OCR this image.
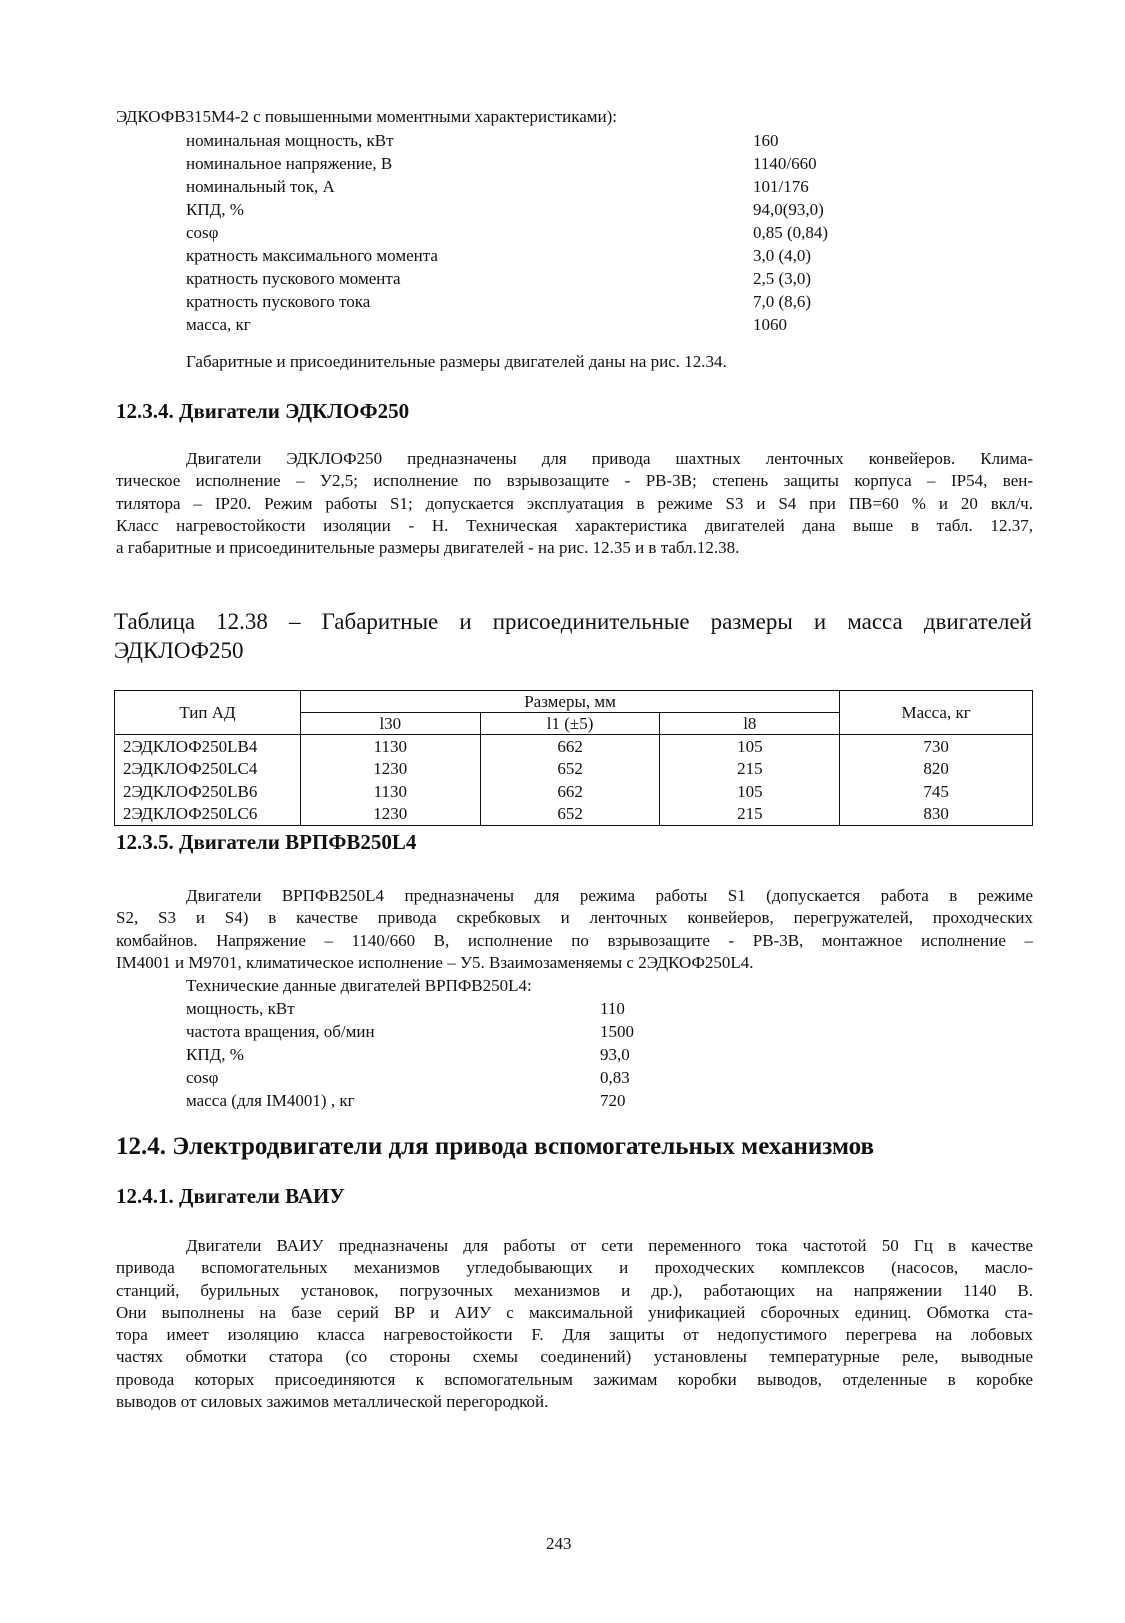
ЭДКОФВ315М4-2 с повышенными моментными характеристиками):
номинальная мощность, кВт	160
номинальное напряжение, В	1140/660
номинальный ток, А	101/176
КПД, %	94,0(93,0)
cosφ	0,85 (0,84)
кратность максимального момента	3,0 (4,0)
кратность пускового момента	2,5 (3,0)
кратность пускового тока	7,0 (8,6)
масса, кг	1060
Габаритные и присоединительные размеры двигателей даны на рис. 12.34.
12.3.4. Двигатели ЭДКЛОФ250
Двигатели ЭДКЛОФ250 предназначены для привода шахтных ленточных конвейеров. Клима-
тическое исполнение – У2,5; исполнение по взрывозащите - РВ-3В; степень защиты корпуса – IP54, вен-
тилятора – IP20. Режим работы S1; допускается эксплуатация в режиме S3 и S4 при ПВ=60 % и 20 вкл/ч.
Класс нагревостойкости изоляции - Н. Техническая характеристика двигателей дана выше в табл. 12.37,
а габаритные и присоединительные размеры двигателей - на рис. 12.35 и в табл.12.38.
Таблица 12.38 – Габаритные и присоединительные размеры и масса двигателей
ЭДКЛОФ250
Тип АД	Размеры, мм			Масса, кг
	l30	l1 (±5)	l8	
2ЭДКЛОФ250LB4	1130	662	105	730
2ЭДКЛОФ250LC4	1230	652	215	820
2ЭДКЛОФ250LB6	1130	662	105	745
2ЭДКЛОФ250LC6	1230	652	215	830
12.3.5. Двигатели ВРПФВ250L4
Двигатели ВРПФВ250L4 предназначены для режима работы S1 (допускается работа в режиме
S2, S3 и S4) в качестве привода скребковых и ленточных конвейеров, перегружателей, проходческих
комбайнов. Напряжение – 1140/660 В, исполнение по взрывозащите - РВ-3В, монтажное исполнение –
IM4001 и М9701, климатическое исполнение – У5. Взаимозаменяемы с 2ЭДКОФ250L4.
Технические данные двигателей ВРПФВ250L4:
мощность, кВт	110
частота вращения, об/мин	1500
КПД, %	93,0
cosφ	0,83
масса (для IM4001) , кг	720
12.4. Электродвигатели для привода вспомогательных механизмов
12.4.1. Двигатели ВАИУ
Двигатели ВАИУ предназначены для работы от сети переменного тока частотой 50 Гц в качестве
привода вспомогательных механизмов угледобывающих и проходческих комплексов (насосов, масло-
станций, бурильных установок, погрузочных механизмов и др.), работающих на напряжении 1140 В.
Они выполнены на базе серий ВР и АИУ с максимальной унификацией сборочных единиц. Обмотка ста-
тора имеет изоляцию класса нагревостойкости F. Для защиты от недопустимого перегрева на лобовых
частях обмотки статора (со стороны схемы соединений) установлены температурные реле, выводные
провода которых присоединяются к вспомогательным зажимам коробки выводов, отделенные в коробке
выводов от силовых зажимов металлической перегородкой.
243
